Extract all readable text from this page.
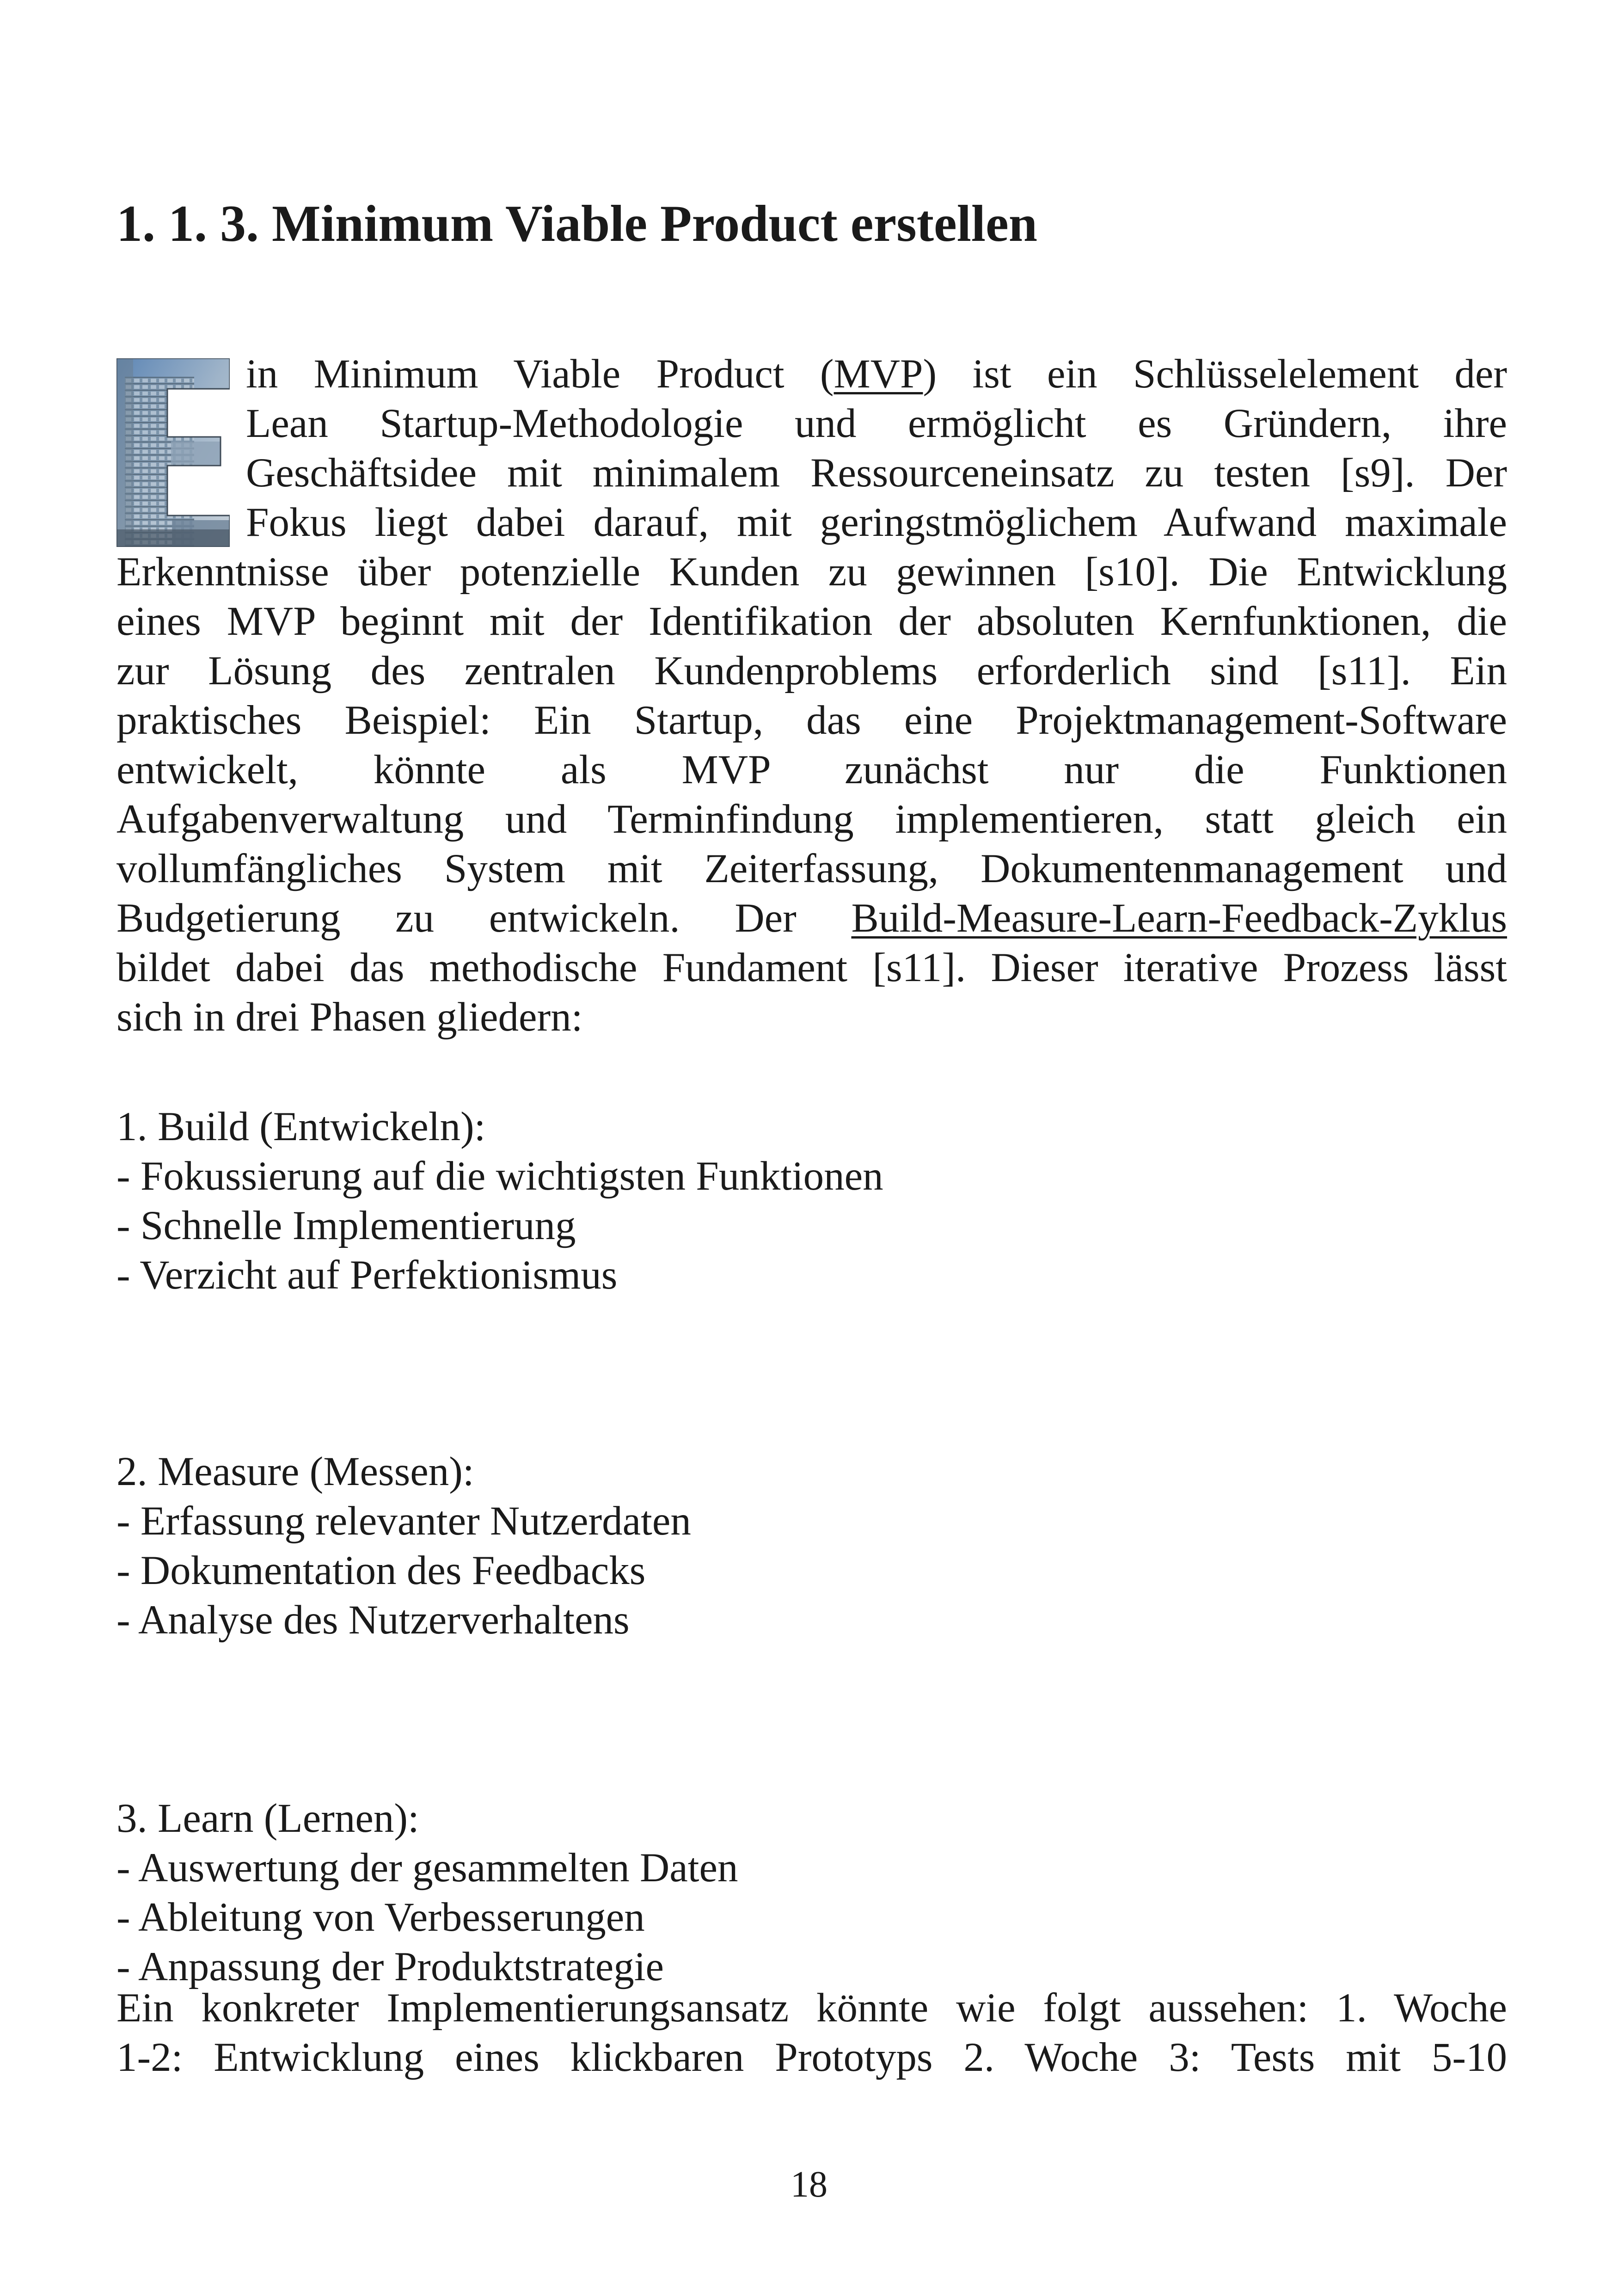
1. 1. 3. Minimum Viable Product erstellen
in Minimum Viable Product (MVP) ist ein Schlüsselelement der
Lean Startup-Methodologie und ermöglicht es Gründern, ihre
Geschäftsidee mit minimalem Ressourceneinsatz zu testen [s9]. Der
Fokus liegt dabei darauf, mit geringstmöglichem Aufwand maximale
Erkenntnisse über potenzielle Kunden zu gewinnen [s10]. Die Entwicklung
eines MVP beginnt mit der Identifikation der absoluten Kernfunktionen, die
zur Lösung des zentralen Kundenproblems erforderlich sind [s11]. Ein
praktisches Beispiel: Ein Startup, das eine Projektmanagement-Software
entwickelt, könnte als MVP zunächst nur die Funktionen
Aufgabenverwaltung und Terminfindung implementieren, statt gleich ein
vollumfängliches System mit Zeiterfassung, Dokumentenmanagement und
Budgetierung zu entwickeln. Der Build-Measure-Learn-Feedback-Zyklus
bildet dabei das methodische Fundament [s11]. Dieser iterative Prozess lässt
sich in drei Phasen gliedern:
1. Build (Entwickeln):
- Fokussierung auf die wichtigsten Funktionen
- Schnelle Implementierung
- Verzicht auf Perfektionismus
2. Measure (Messen):
- Erfassung relevanter Nutzerdaten
- Dokumentation des Feedbacks
- Analyse des Nutzerverhaltens
3. Learn (Lernen):
- Auswertung der gesammelten Daten
- Ableitung von Verbesserungen
- Anpassung der Produktstrategie
Ein konkreter Implementierungsansatz könnte wie folgt aussehen: 1. Woche
1-2: Entwicklung eines klickbaren Prototyps 2. Woche 3: Tests mit 5-10
18
